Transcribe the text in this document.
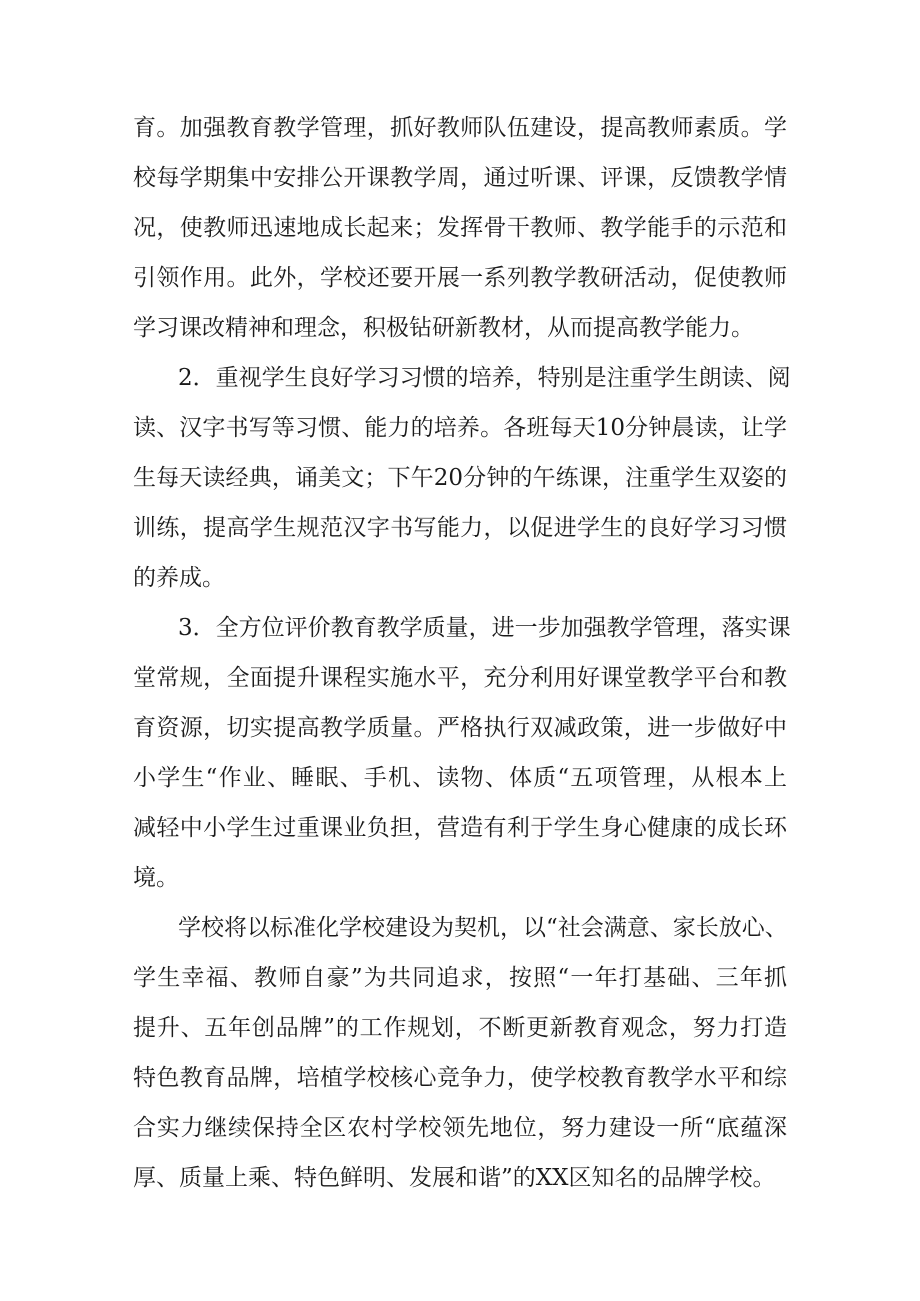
育。加强教育教学管理，抓好教师队伍建设，提高教师素质。学
校每学期集中安排公开课教学周，通过听课、评课，反馈教学情
况，使教师迅速地成长起来；发挥骨干教师、教学能手的示范和
引领作用。此外，学校还要开展一系列教学教研活动，促使教师
学习课改精神和理念，积极钻研新教材，从而提高教学能力。
2．重视学生良好学习习惯的培养，特别是注重学生朗读、阅
读、汉字书写等习惯、能力的培养。各班每天10分钟晨读，让学
生每天读经典，诵美文；下午20分钟的午练课，注重学生双姿的
训练，提高学生规范汉字书写能力，以促进学生的良好学习习惯
的养成。
3．全方位评价教育教学质量，进一步加强教学管理，落实课
堂常规，全面提升课程实施水平，充分利用好课堂教学平台和教
育资源，切实提高教学质量。严格执行双减政策，进一步做好中
小学生“作业、睡眠、手机、读物、体质“五项管理，从根本上
减轻中小学生过重课业负担，营造有利于学生身心健康的成长环
境。
学校将以标准化学校建设为契机，以“社会满意、家长放心、
学生幸福、教师自豪”为共同追求，按照“一年打基础、三年抓
提升、五年创品牌”的工作规划，不断更新教育观念，努力打造
特色教育品牌，培植学校核心竞争力，使学校教育教学水平和综
合实力继续保持全区农村学校领先地位，努力建设一所“底蕴深
厚、质量上乘、特色鲜明、发展和谐”的XX区知名的品牌学校。
